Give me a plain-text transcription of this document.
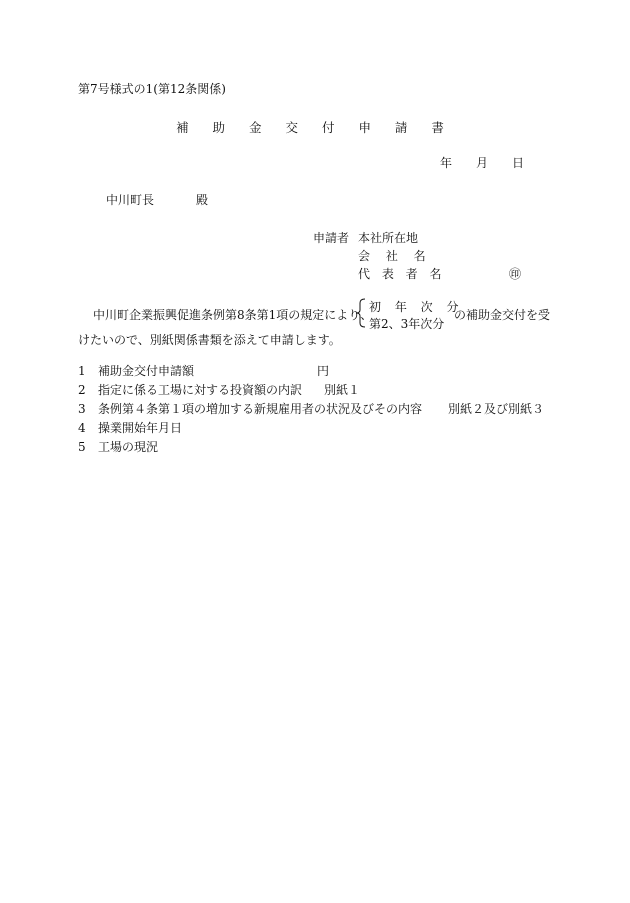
第7号様式の1(第12条関係)
補 助 金 交 付 申 請 書
年 月 日
中川町長	殿
申請者 本社所在地
会 社 名
代 表 者 名	㊞
中川町企業振興促進条例第8条第1項の規定により、
初 年 次 分
第2、3年次分
の補助金交付を受
けたいので、別紙関係書類を添えて申請します。
1 補助金交付申請額	円
2 指定に係る工場に対する投資額の内訳 別紙１
3 条例第４条第１項の増加する新規雇用者の状況及びその内容 別紙２及び別紙３
4 操業開始年月日
5 工場の現況
